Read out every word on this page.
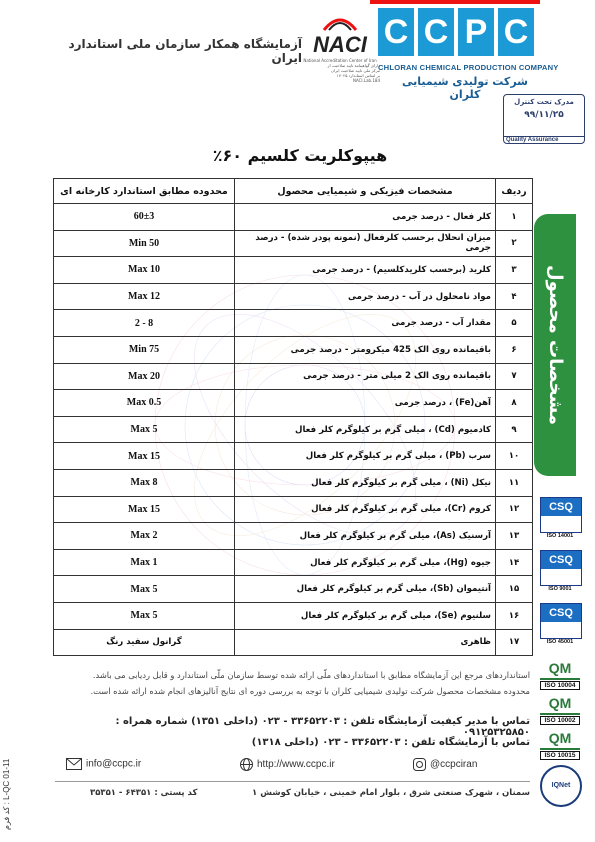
آزمایشگاه همکار سازمان ملی استاندارد ایران
NACI
National Accreditation Center of Iran
دارای گواهینامه تایید صلاحیت از
مرکز ملی تایید صلاحیت ایران
بر اساس استاندارد ۱۷۰۲۵
NACI.Lab.184
C C P C
CHLORAN CHEMICAL PRODUCTION COMPANY
شرکت تولیدی شیمیایی کلران
مدرک تحت کنترل
۹۹/۱۱/۲۵
Quality Assurance
هیپوکلریت کلسیم ۶۰٪
ردیف	مشخصات فیزیکی و شیمیایی محصول	محدوده مطابق استاندارد کارخانه ای
۱	کلر فعال - درصد جرمی	60±3
۲	میزان انحلال برحسب کلرفعال (نمونه پودر شده) - درصد جرمی	Min 50
۳	کلرید (برحسب کلریدکلسیم) - درصد جرمی	Max 10
۴	مواد نامحلول در آب - درصد جرمی	Max 12
۵	مقدار آب - درصد جرمی	2 - 8
۶	باقیمانده روی الک 425 میکرومتر - درصد جرمی	Min 75
۷	باقیمانده روی الک 2 میلی متر - درصد جرمی	Max 20
۸	آهن(Fe) ، درصد جرمی	Max 0.5
۹	کادمیوم (Cd) ، میلی گرم بر کیلوگرم کلر فعال	Max 5
۱۰	سرب (Pb) ، میلی گرم بر کیلوگرم کلر فعال	Max 15
۱۱	نیکل (Ni) ، میلی گرم بر کیلوگرم کلر فعال	Max 8
۱۲	کروم (Cr)، میلی گرم بر کیلوگرم کلر فعال	Max 15
۱۳	آرسنیک (As)، میلی گرم بر کیلوگرم کلر فعال	Max 2
۱۴	جیوه (Hg)، میلی گرم بر کیلوگرم کلر فعال	Max 1
۱۵	آنتیموان (Sb)، میلی گرم بر کیلوگرم کلر فعال	Max 5
۱۶	سلنیوم (Se)، میلی گرم بر کیلوگرم کلر فعال	Max 5
۱۷	ظاهری	گرانول سفید رنگ
مشخصات محصول
CSQ
ISO 14001
CSQ
ISO 9001
CSQ
ISO 45001
QM
ISO 10004
QM
ISO 10002
QM
ISO 10015
IQNet
استانداردهای مرجع این آزمایشگاه مطابق با استانداردهای ملّی ارائه شده توسط سازمان ملّی استاندارد و قابل ردیابی می باشد.
محدوده مشخصات محصول شرکت تولیدی شیمیایی کلران با توجه به بررسی دوره ای نتایج آنالیزهای انجام شده ارائه شده است.
تماس با مدیر کیفیت آزمایشگاه تلفن : ۳۳۶۵۲۲۰۳ - ۰۲۳ (داخلی ۱۳۵۱) شماره همراه : ۰۹۱۲۵۳۲۵۸۵۰
تماس با آزمایشگاه تلفن : ۳۳۶۵۲۲۰۳ - ۰۲۳ (داخلی ۱۳۱۸)
info@ccpc.ir	http://www.ccpc.ir	@ccpciran
سمنان ، شهرک صنعتی شرق ، بلوار امام خمینی ، خیابان کوشش ۱
کد پستی : ۶۴۳۵۱ - ۳۵۳۵۱
کد فرم : L-QC 01-11
